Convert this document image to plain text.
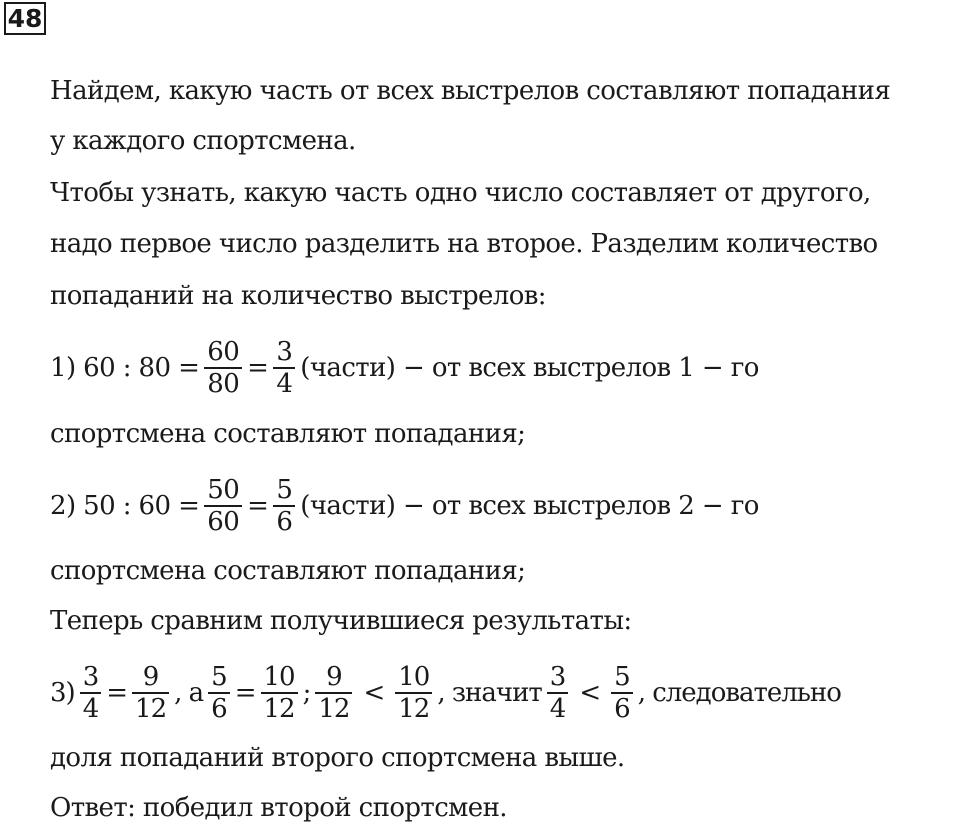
48
Найдем, какую часть от всех выстрелов составляют попадания
у каждого спортсмена.
Чтобы узнать, какую часть одно число составляет от другого,
надо первое число разделить на второе. Разделим количество
попаданий на количество выстрелов:
1) 60 : $80 = \frac{60}{80} = \frac{3}{4}$ (части) − от всех выстрелов 1 − го
спортсмена составляют попадания;
2) 50 : $60 = \frac{50}{60} = \frac{5}{6}$ (части) − от всех выстрелов 2 − го
спортсмена составляют попадания;
Теперь сравним получившиеся результаты:
$3) \frac{3}{4} = \frac{9}{12}$ , а $\frac{5}{6} = \frac{10}{12}$ ; $\frac{9}{12} < \frac{10}{12}$ , значит $\frac{3}{4} < \frac{5}{6}$ , следовательно
доля попаданий второго спортсмена выше.
Ответ: победил второй спортсмен.
